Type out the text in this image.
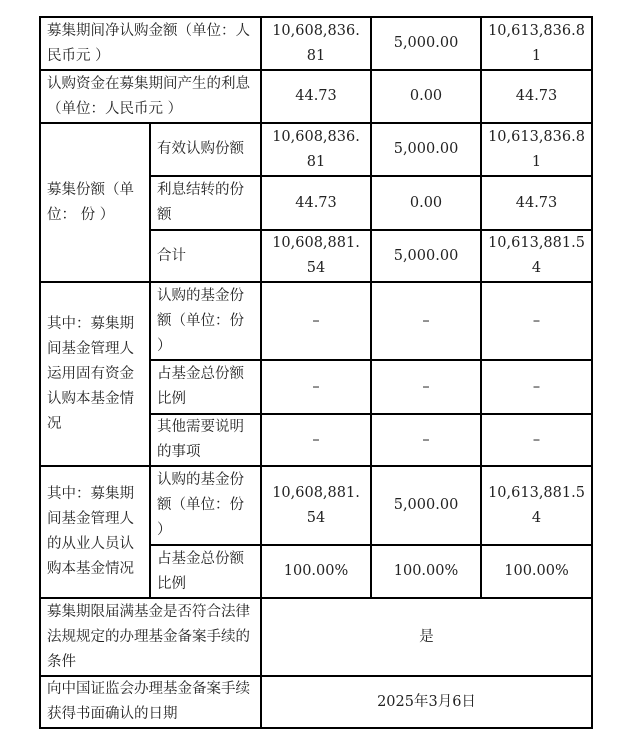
募集期间净认购金额（单位：人民币元 ）		10,608,836.81	5,000.00	10,613,836.81
认购资金在募集期间产生的利息（单位：人民币元 ）		44.73	0.00	44.73
募集份额（单位： 份 ）	有效认购份额	10,608,836.81	5,000.00	10,613,836.81
	利息结转的份额	44.73	0.00	44.73
	合计	10,608,881.54	5,000.00	10,613,881.54
其中：募集期间基金管理人运用固有资金认购本基金情况	认购的基金份额（单位：份 ）	–	–	–
	占基金总份额比例	–	–	–
	其他需要说明的事项	–	–	–
其中：募集期间基金管理人的从业人员认购本基金情况	认购的基金份额（单位：份 ）	10,608,881.54	5,000.00	10,613,881.54
	占基金总份额比例	100.00%	100.00%	100.00%
募集期限届满基金是否符合法律法规规定的办理基金备案手续的条件		是		
向中国证监会办理基金备案手续获得书面确认的日期		2025年3月6日		
